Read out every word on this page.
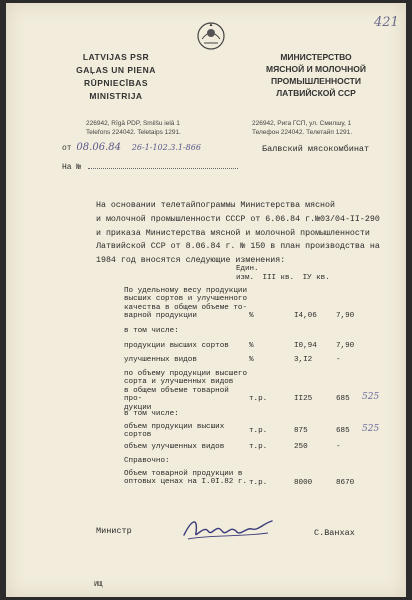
421
LATVIJAS PSR
GAĻAS UN PIENA RŪPNIECĪBAS
MINISTRIJA
МИНИСТЕРСТВО
МЯСНОЙ И МОЛОЧНОЙ
ПРОМЫШЛЕННОСТИ
ЛАТВИЙСКОЙ ССР
226942, Rīgā PDP, Smilšu ielā 1
Telefons 224042. Teletaips 1291.
226942, Рига ГСП, ул. Смилшу, 1
Телефон 224042. Телетайп 1291.
от 08.06.84 26-1-102.3.1-866	Балвский мясокомбинат
На №
На основании телетайпограммы Министерства мясной
и молочной промышленности СССР от 6.06.84 г.№03/04-II-290
и приказа Министерства мясной и молочной промышленности
Латвийской ССР от 8.06.84 г. № 150 в план производства на
1984 год вносятся следующие изменения:
Един.
изм. III кв. IУ кв.
По удельному весу продукции
высших сортов и улучшенного
качества в общем объеме то-
варной продукции	%	I4,06	7,90
в том числе:
продукции высших сортов	%	I0,94	7,90
улучшенных видов	%	3,I2	-
по объему продукции высшего
сорта и улучшенных видов
в общем объеме товарной про-
дукции
т.р.	II25	685 525
в том числе:
объем продукции высших
сортов
т.р.	875	685 525
объем улучшенных видов	т.р.	250	-
Справочно:
Объем товарной продукции в
оптовых ценах на I.0I.82 г. т.р.	8000	8670
Министр	С.Ванхах
ИЩ
